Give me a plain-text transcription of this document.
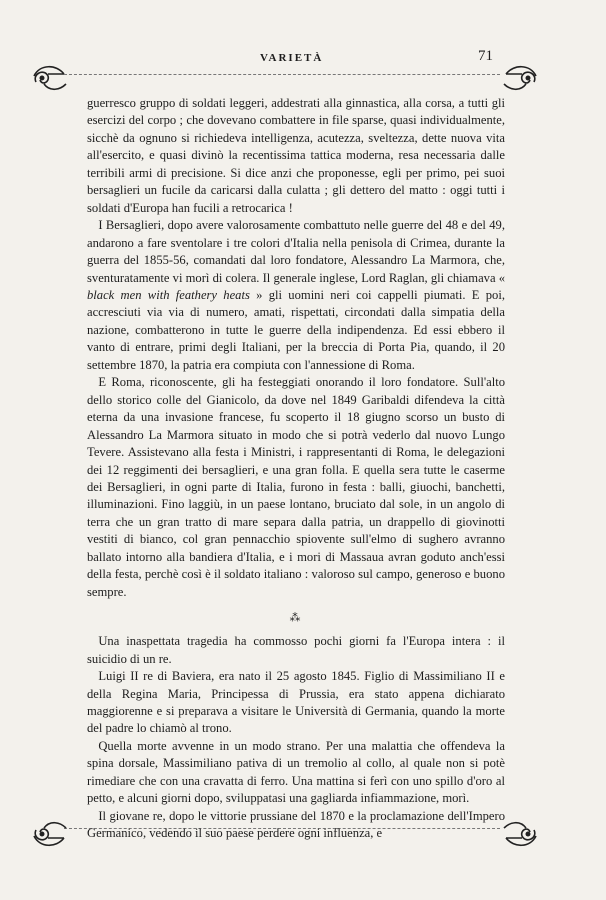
VARIETÀ	71

guerresco gruppo di soldati leggeri, addestrati alla ginnastica, alla corsa, a tutti gli esercizi del corpo ; che dovevano combattere in file sparse, quasi individualmente, sicchè da ognuno si richiedeva intelligenza, acutezza, sveltezza, dette nuova vita all'esercito, e quasi divinò la recentissima tattica moderna, resa necessaria dalle terribili armi di precisione. Si dice anzi che proponesse, egli per primo, pei suoi bersaglieri un fucile da caricarsi dalla culatta ; gli dettero del matto : oggi tutti i soldati d'Europa han fucili a retrocarica !

I Bersaglieri, dopo avere valorosamente combattuto nelle guerre del 48 e del 49, andarono a fare sventolare i tre colori d'Italia nella penisola di Crimea, durante la guerra del 1855-56, comandati dal loro fondatore, Alessandro La Marmora, che, sventuratamente vi morì di colera. Il generale inglese, Lord Raglan, gli chiamava « black men with feathery heats » gli uomini neri coi cappelli piumati. E poi, accresciuti via via di numero, amati, rispettati, circondati dalla simpatia della nazione, combatterono in tutte le guerre della indipendenza. Ed essi ebbero il vanto di entrare, primi degli Italiani, per la breccia di Porta Pia, quando, il 20 settembre 1870, la patria era compiuta con l'annessione di Roma.

E Roma, riconoscente, gli ha festeggiati onorando il loro fondatore. Sull'alto dello storico colle del Gianicolo, da dove nel 1849 Garibaldi difendeva la città eterna da una invasione francese, fu scoperto il 18 giugno scorso un busto di Alessandro La Marmora situato in modo che si potrà vederlo dal nuovo Lungo Tevere. Assistevano alla festa i Ministri, i rappresentanti di Roma, le delegazioni dei 12 reggimenti dei bersaglieri, e una gran folla. E quella sera tutte le caserme dei Bersaglieri, in ogni parte di Italia, furono in festa : balli, giuochi, banchetti, illuminazioni. Fino laggiù, in un paese lontano, bruciato dal sole, in un angolo di terra che un gran tratto di mare separa dalla patria, un drappello di giovinotti vestiti di bianco, col gran pennacchio spiovente sull'elmo di sughero avranno ballato intorno alla bandiera d'Italia, e i mori di Massaua avran goduto anch'essi della festa, perchè così è il soldato italiano : valoroso sul campo, generoso e buono sempre.

⁂

Una inaspettata tragedia ha commosso pochi giorni fa l'Europa intera : il suicidio di un re.

Luigi II re di Baviera, era nato il 25 agosto 1845. Figlio di Massimiliano II e della Regina Maria, Principessa di Prussia, era stato appena dichiarato maggiorenne e si preparava a visitare le Università di Germania, quando la morte del padre lo chiamò al trono.

Quella morte avvenne in un modo strano. Per una malattia che offendeva la spina dorsale, Massimiliano pativa di un tremolio al collo, al quale non si potè rimediare che con una cravatta di ferro. Una mattina si ferì con uno spillo d'oro al petto, e alcuni giorni dopo, sviluppatasi una gagliarda infiammazione, morì.

Il giovane re, dopo le vittorie prussiane del 1870 e la proclamazione dell'Impero Germanico, vedendo il suo paese perdere ogni influenza, e
